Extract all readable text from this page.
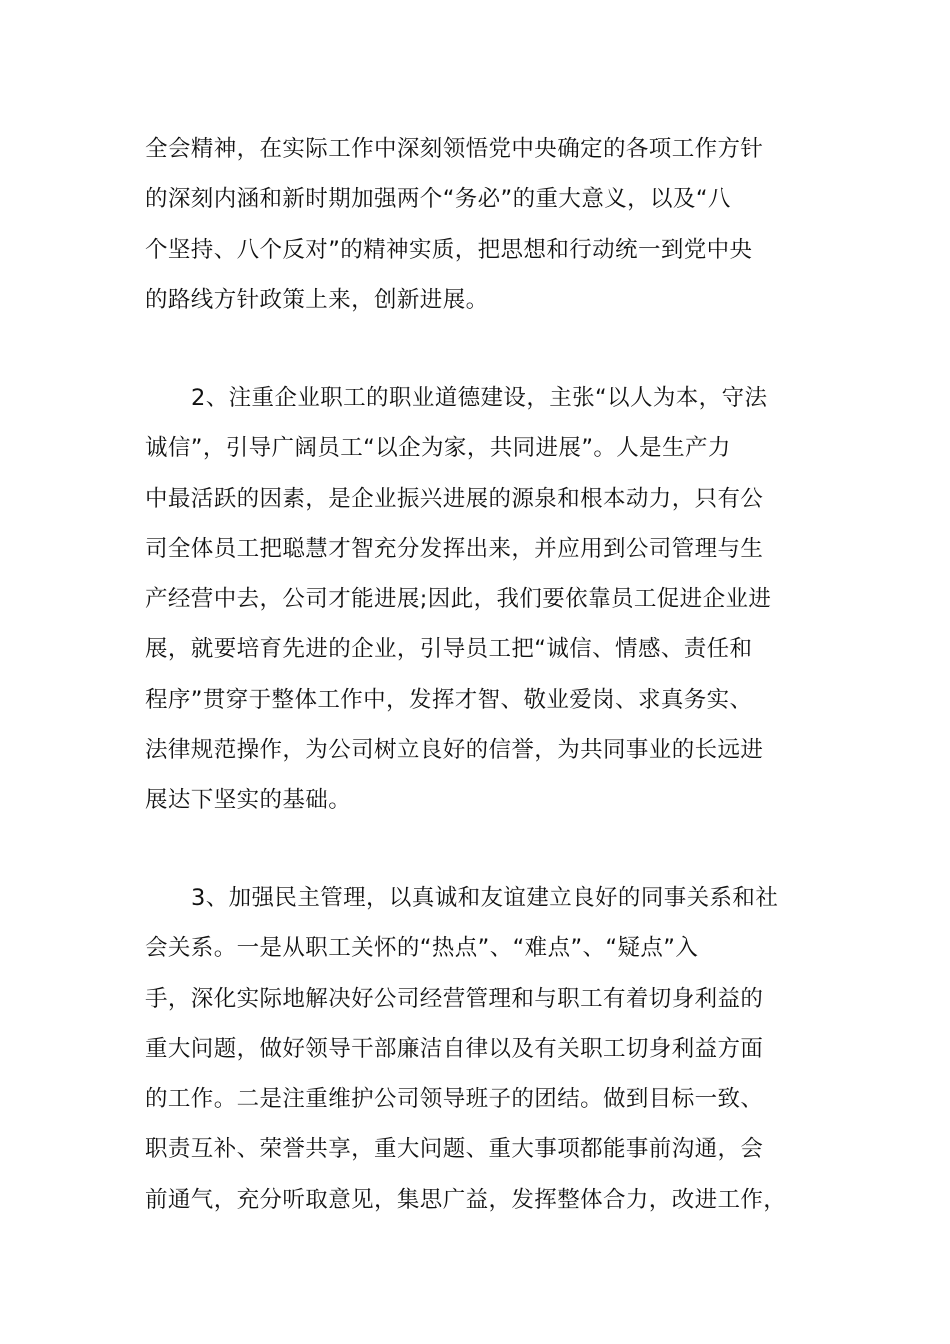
全会精神，在实际工作中深刻领悟党中央确定的各项工作方针
的深刻内涵和新时期加强两个“务必”的重大意义，以及“八
个坚持、八个反对”的精神实质，把思想和行动统一到党中央
的路线方针政策上来，创新进展。

2、注重企业职工的职业道德建设，主张“以人为本，守法
诚信”，引导广阔员工“以企为家，共同进展”。人是生产力
中最活跃的因素，是企业振兴进展的源泉和根本动力，只有公
司全体员工把聪慧才智充分发挥出来，并应用到公司管理与生
产经营中去，公司才能进展;因此，我们要依靠员工促进企业进
展，就要培育先进的企业，引导员工把“诚信、情感、责任和
程序”贯穿于整体工作中，发挥才智、敬业爱岗、求真务实、
法律规范操作，为公司树立良好的信誉，为共同事业的长远进
展达下坚实的基础。

3、加强民主管理，以真诚和友谊建立良好的同事关系和社
会关系。一是从职工关怀的“热点”、“难点”、“疑点”入
手，深化实际地解决好公司经营管理和与职工有着切身利益的
重大问题，做好领导干部廉洁自律以及有关职工切身利益方面
的工作。二是注重维护公司领导班子的团结。做到目标一致、
职责互补、荣誉共享，重大问题、重大事项都能事前沟通，会
前通气，充分听取意见，集思广益，发挥整体合力，改进工作，
